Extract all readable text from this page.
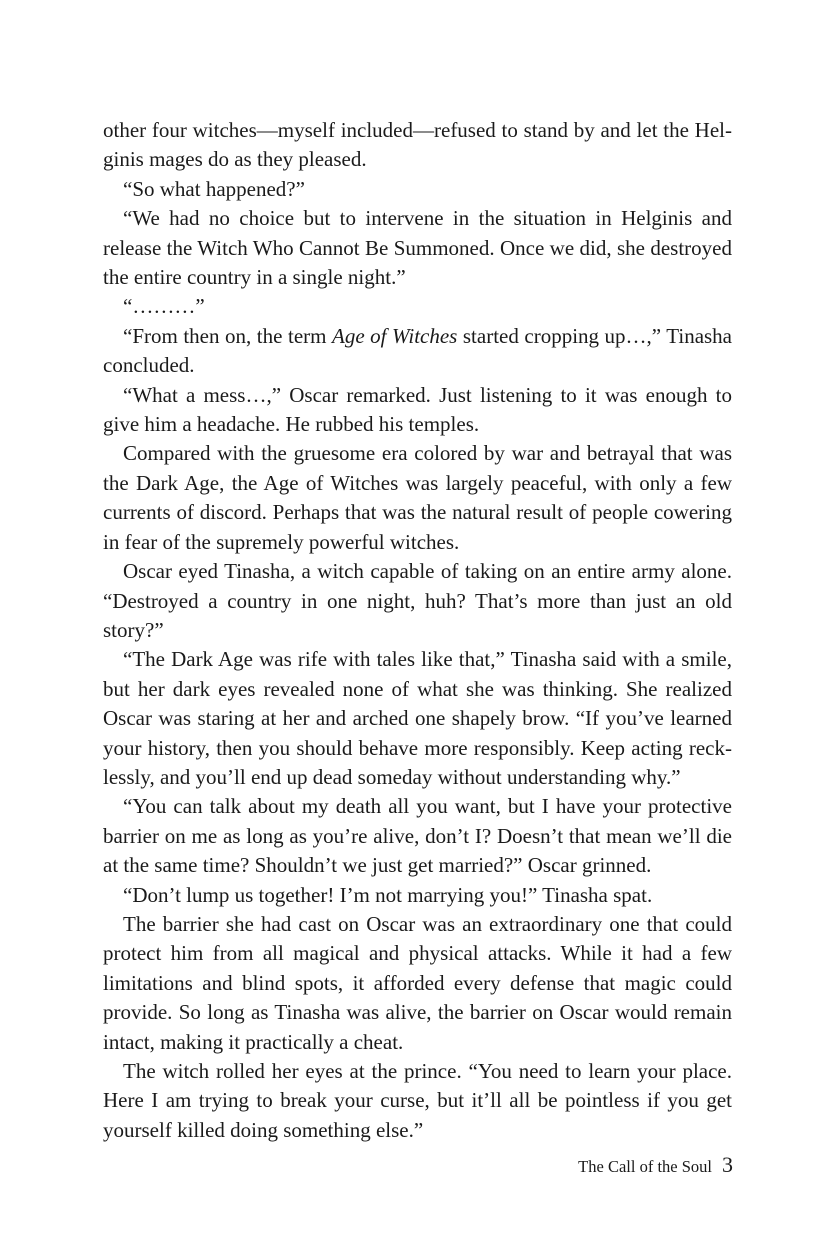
other four witches—myself included—refused to stand by and let the Helginis mages do as they pleased.

“So what happened?”

“We had no choice but to intervene in the situation in Helginis and release the Witch Who Cannot Be Summoned. Once we did, she destroyed the entire country in a single night.”

“………”

“From then on, the term Age of Witches started cropping up…,” Tinasha concluded.

“What a mess…,” Oscar remarked. Just listening to it was enough to give him a headache. He rubbed his temples.

Compared with the gruesome era colored by war and betrayal that was the Dark Age, the Age of Witches was largely peaceful, with only a few currents of discord. Perhaps that was the natural result of people cowering in fear of the supremely powerful witches.

Oscar eyed Tinasha, a witch capable of taking on an entire army alone. “Destroyed a country in one night, huh? That’s more than just an old story?”

“The Dark Age was rife with tales like that,” Tinasha said with a smile, but her dark eyes revealed none of what she was thinking. She realized Oscar was staring at her and arched one shapely brow. “If you’ve learned your history, then you should behave more responsibly. Keep acting recklessly, and you’ll end up dead someday without understanding why.”

“You can talk about my death all you want, but I have your protective barrier on me as long as you’re alive, don’t I? Doesn’t that mean we’ll die at the same time? Shouldn’t we just get married?” Oscar grinned.

“Don’t lump us together! I’m not marrying you!” Tinasha spat.

The barrier she had cast on Oscar was an extraordinary one that could protect him from all magical and physical attacks. While it had a few limitations and blind spots, it afforded every defense that magic could provide. So long as Tinasha was alive, the barrier on Oscar would remain intact, making it practically a cheat.

The witch rolled her eyes at the prince. “You need to learn your place. Here I am trying to break your curse, but it’ll all be pointless if you get yourself killed doing something else.”

The Call of the Soul 3
